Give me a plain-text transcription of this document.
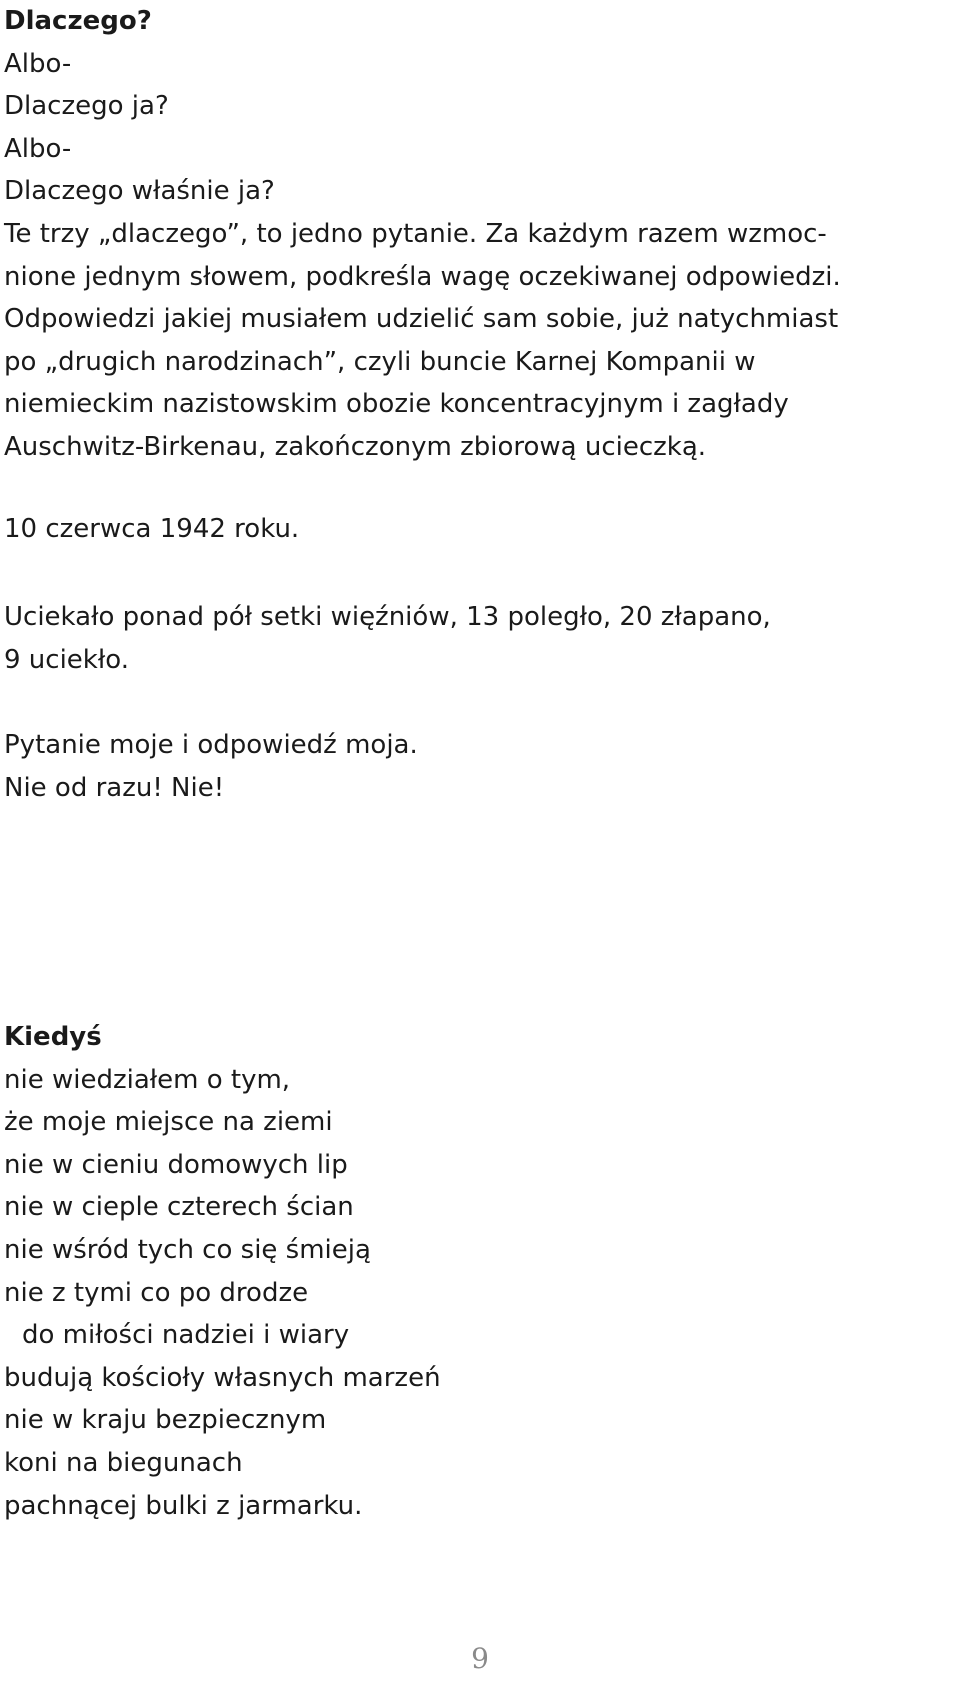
Dlaczego?
Albo-
Dlaczego ja?
Albo-
Dlaczego właśnie ja?
Te trzy „dlaczego”, to jedno pytanie. Za każdym razem wzmoc-
nione jednym słowem, podkreśla wagę oczekiwanej odpowiedzi.
Odpowiedzi jakiej musiałem udzielić sam sobie, już natychmiast
po „drugich narodzinach”, czyli buncie Karnej Kompanii w
niemieckim nazistowskim obozie koncentracyjnym i zagłady
Auschwitz-Birkenau, zakończonym zbiorową ucieczką.
10 czerwca 1942 roku.
Uciekało ponad pół setki więźniów, 13 poległo, 20 złapano,
9 uciekło.
Pytanie moje i odpowiedź moja.
Nie od razu! Nie!
Kiedyś
nie wiedziałem o tym,
że moje miejsce na ziemi
nie w cieniu domowych lip
nie w cieple czterech ścian
nie wśród tych co się śmieją
nie z tymi co po drodze
do miłości nadziei i wiary
budują kościoły własnych marzeń
nie w kraju bezpiecznym
koni na biegunach
pachnącej bulki z jarmarku.
9
